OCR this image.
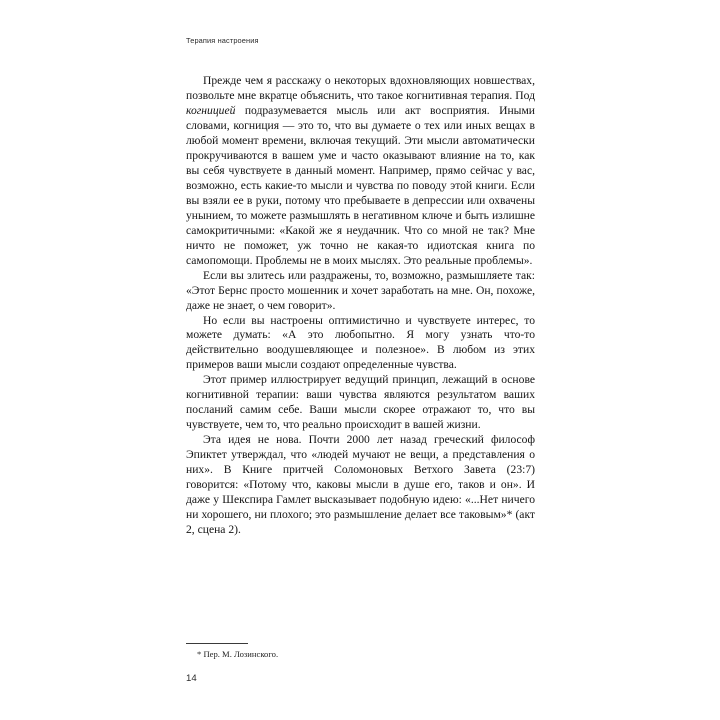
Терапия настроения

Прежде чем я расскажу о некоторых вдохновляющих новшествах, позвольте мне вкратце объяснить, что такое когнитивная терапия. Под когницией подразумевается мысль или акт восприятия. Иными словами, когниция — это то, что вы думаете о тех или иных вещах в любой момент времени, включая текущий. Эти мысли автоматически прокручиваются в вашем уме и часто оказывают влияние на то, как вы себя чувствуете в данный момент. Например, прямо сейчас у вас, возможно, есть какие-то мысли и чувства по поводу этой книги. Если вы взяли ее в руки, потому что пребываете в депрессии или охвачены унынием, то можете размышлять в негативном ключе и быть излишне самокритичными: «Какой же я неудачник. Что со мной не так? Мне ничто не поможет, уж точно не какая-то идиотская книга по самопомощи. Проблемы не в моих мыслях. Это реальные проблемы».

Если вы злитесь или раздражены, то, возможно, размышляете так: «Этот Бернс просто мошенник и хочет заработать на мне. Он, похоже, даже не знает, о чем говорит».

Но если вы настроены оптимистично и чувствуете интерес, то можете думать: «А это любопытно. Я могу узнать что-то действительно воодушевляющее и полезное». В любом из этих примеров ваши мысли создают определенные чувства.

Этот пример иллюстрирует ведущий принцип, лежащий в основе когнитивной терапии: ваши чувства являются результатом ваших посланий самим себе. Ваши мысли скорее отражают то, что вы чувствуете, чем то, что реально происходит в вашей жизни.

Эта идея не нова. Почти 2000 лет назад греческий философ Эпиктет утверждал, что «людей мучают не вещи, а представления о них». В Книге притчей Соломоновых Ветхого Завета (23:7) говорится: «Потому что, каковы мысли в душе его, таков и он». И даже у Шекспира Гамлет высказывает подобную идею: «...Нет ничего ни хорошего, ни плохого; это размышление делает все таковым»* (акт 2, сцена 2).

* Пер. М. Лозинского.

14
